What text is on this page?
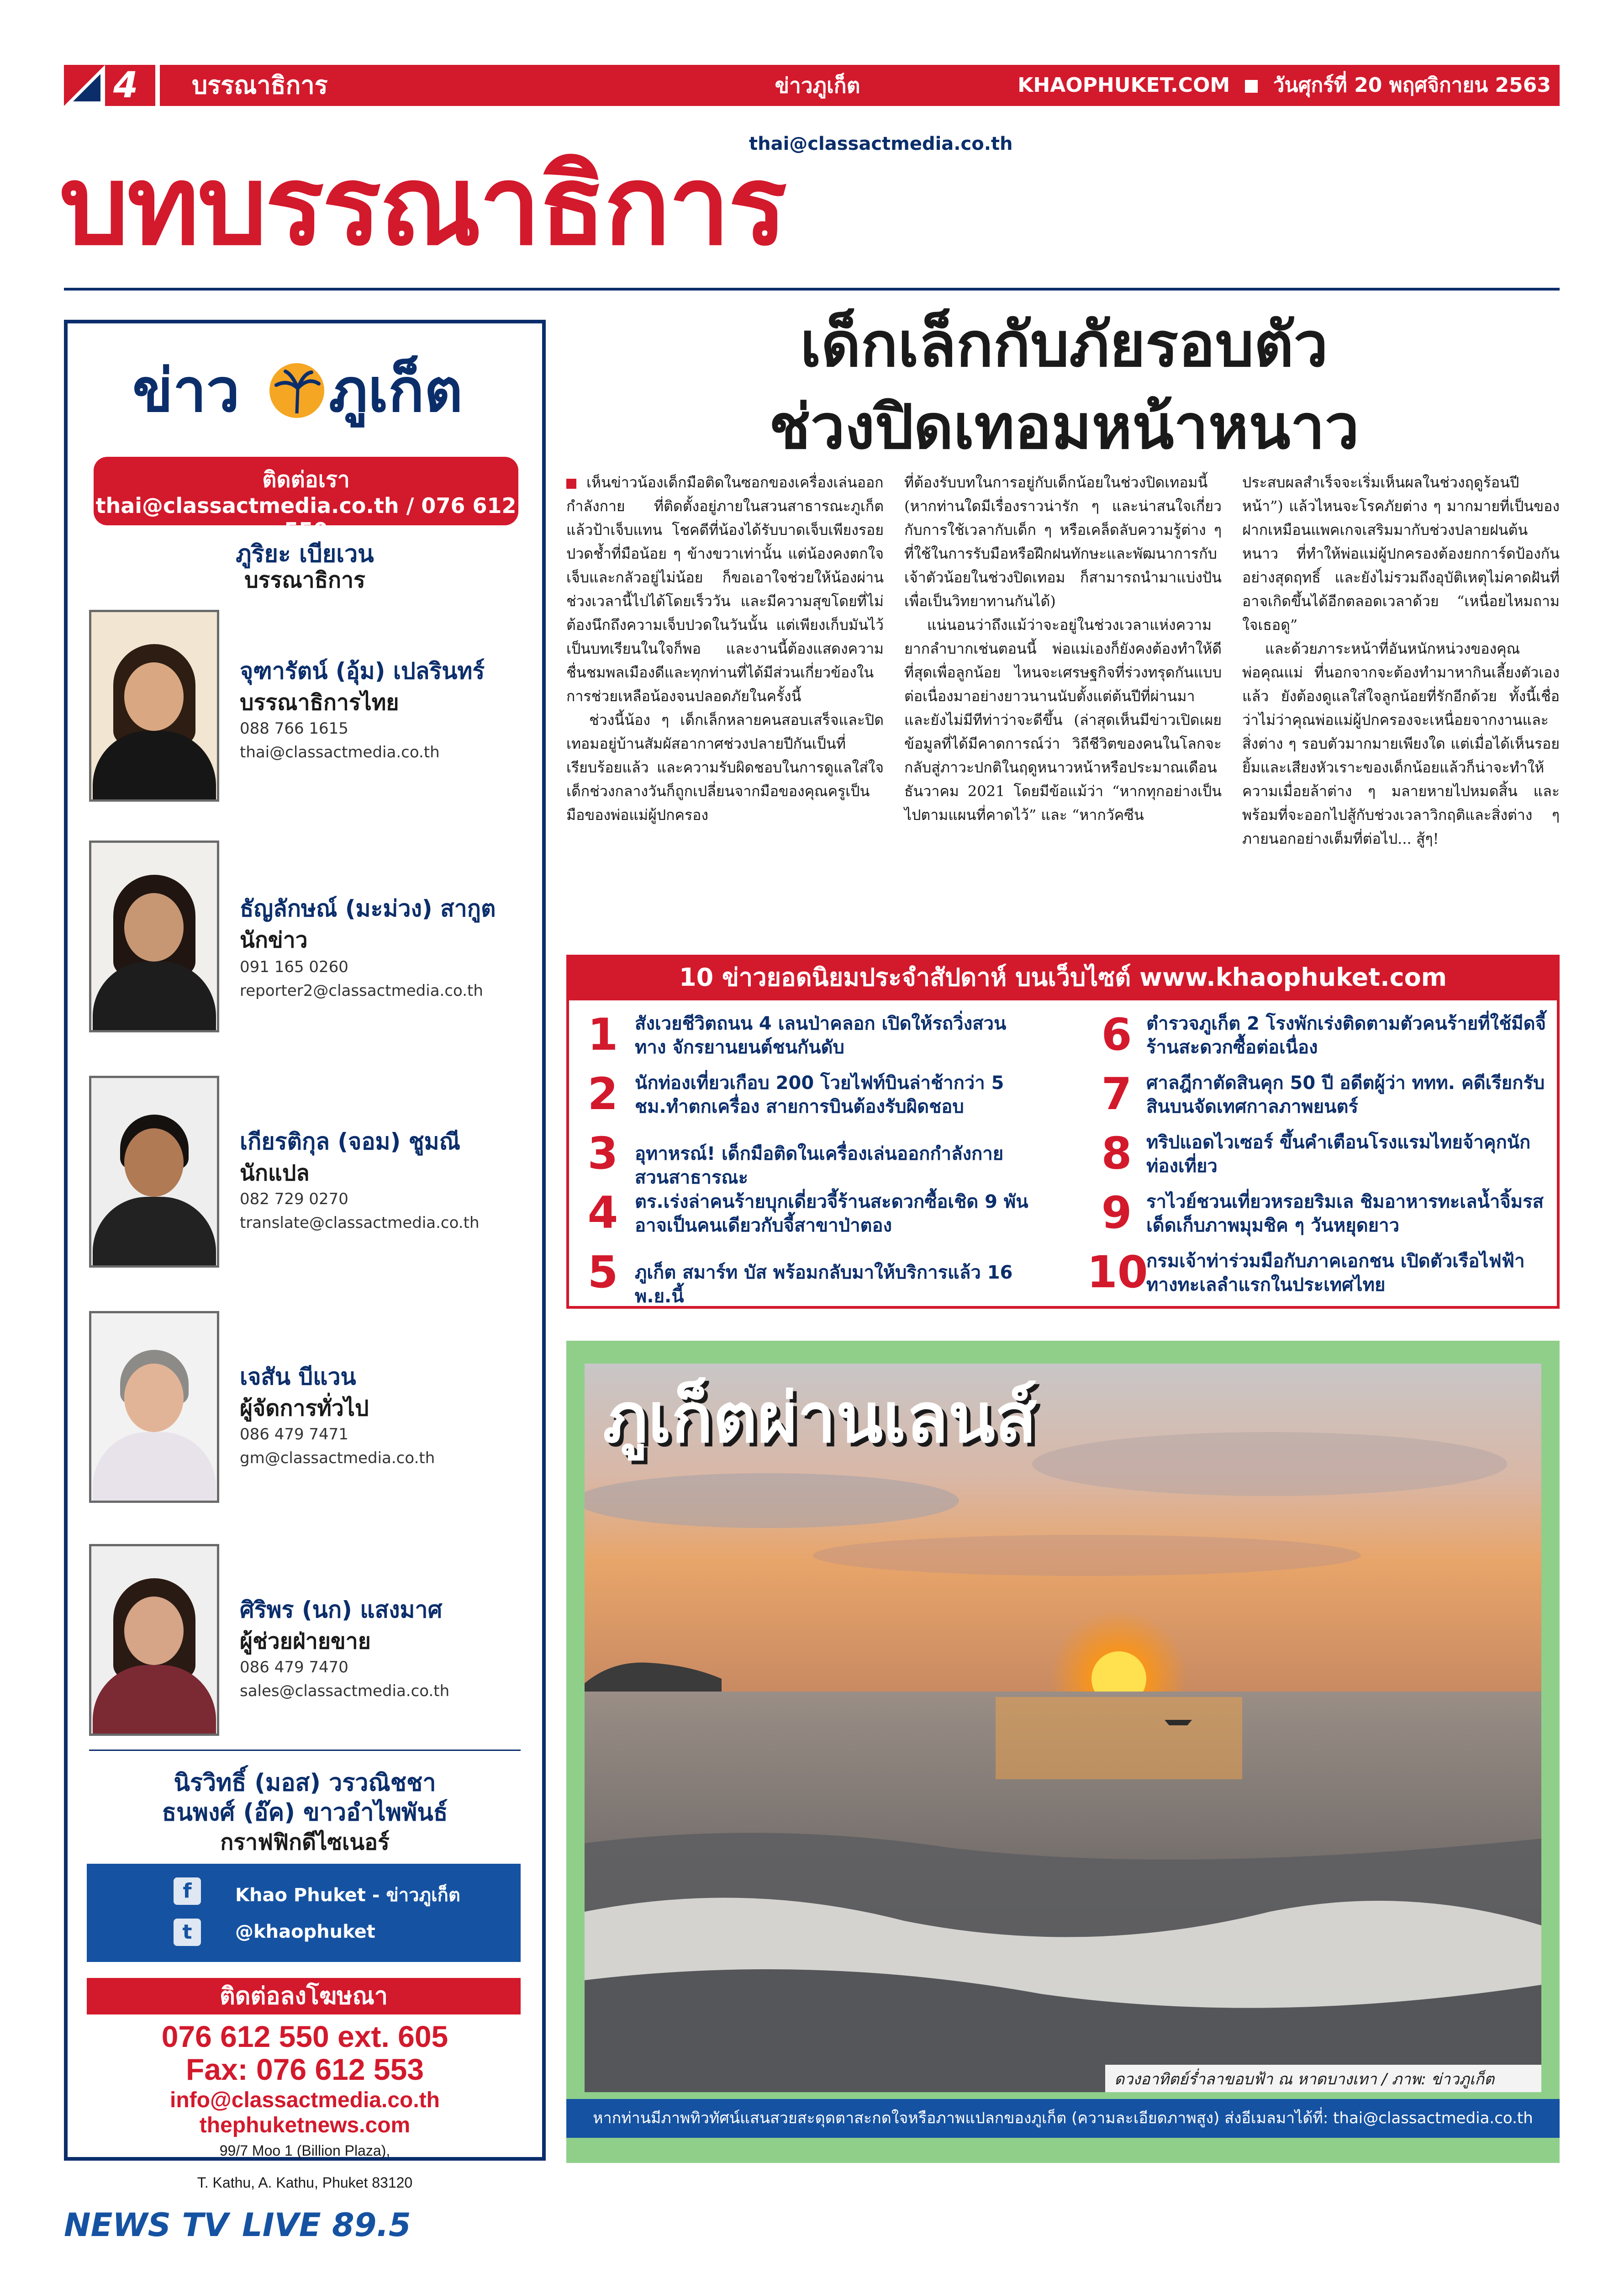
4	บรรณาธิการ	ข่าวภูเก็ต	KHAOPHUKET.COM วันศุกร์ที่ 20 พฤศจิกายน 2563
บทบรรณาธิการ
thai@classactmedia.co.th
ข่าว ภูเก็ต
ติดต่อเรา
thai@classactmedia.co.th / 076 612 550
ภูริยะ เบียเวน
บรรณาธิการ
จุฑารัตน์ (อุ้ม) เปลรินทร์
บรรณาธิการไทย
088 766 1615
thai@classactmedia.co.th
ธัญลักษณ์ (มะม่วง) สากูต
นักข่าว
091 165 0260
reporter2@classactmedia.co.th
เกียรติกุล (จอม) ชูมณี
นักแปล
082 729 0270
translate@classactmedia.co.th
เจสัน บีแวน
ผู้จัดการทั่วไป
086 479 7471
gm@classactmedia.co.th
ศิริพร (นก) แสงมาศ
ผู้ช่วยฝ่ายขาย
086 479 7470
sales@classactmedia.co.th
นิรวิทธิ์ (มอส) วรวณิชชา
ธนพงศ์ (อ๊ค) ขาวอำไพพันธ์
กราฟฟิกดีไซเนอร์
f	Khao Phuket - ข่าวภูเก็ต
t	@khaophuket
ติดต่อลงโฆษณา
076 612 550 ext. 605
Fax: 076 612 553
info@classactmedia.co.th
thephuketnews.com
99/7 Moo 1 (Billion Plaza),
T. Kathu, A. Kathu, Phuket 83120
เด็กเล็กกับภัยรอบตัว
ช่วงปิดเทอมหน้าหนาว

เห็นข่าวน้องเด็กมือติดในซอกของเครื่องเล่นออกกำลังกาย ที่ติดตั้งอยู่ภายในสวนสาธารณะภูเก็ตแล้วป้าเจ็บแทน โชคดีที่น้องได้รับบาดเจ็บเพียงรอยปวดช้ำที่มือน้อย ๆ ข้างขวาเท่านั้น แต่น้องคงตกใจ เจ็บและกลัวอยู่ไม่น้อย ก็ขอเอาใจช่วยให้น้องผ่านช่วงเวลานี้ไปได้โดยเร็ววัน และมีความสุขโดยที่ไม่ต้องนึกถึงความเจ็บปวดในวันนั้น แต่เพียงเก็บมันไว้เป็นบทเรียนในใจก็พอ และงานนี้ต้องแสดงความชื่นชมพลเมืองดีและทุกท่านที่ได้มีส่วนเกี่ยวข้องในการช่วยเหลือน้องจนปลอดภัยในครั้งนี้

ช่วงนี้น้อง ๆ เด็กเล็กหลายคนสอบเสร็จและปิดเทอมอยู่บ้านสัมผัสอากาศช่วงปลายปีกันเป็นที่เรียบร้อยแล้ว และความรับผิดชอบในการดูแลใส่ใจเด็กช่วงกลางวันก็ถูกเปลี่ยนจากมือของคุณครูเป็นมือของพ่อแม่ผู้ปกครอง

ที่ต้องรับบทในการอยู่กับเด็กน้อยในช่วงปิดเทอมนี้ (หากท่านใดมีเรื่องราวน่ารัก ๆ และน่าสนใจเกี่ยวกับการใช้เวลากับเด็ก ๆ หรือเคล็ดลับความรู้ต่าง ๆ ที่ใช้ในการรับมือหรือฝึกฝนทักษะและพัฒนาการกับเจ้าตัวน้อยในช่วงปิดเทอม ก็สามารถนำมาแบ่งปันเพื่อเป็นวิทยาทานกันได้)

แน่นอนว่าถึงแม้ว่าจะอยู่ในช่วงเวลาแห่งความยากลำบากเช่นตอนนี้ พ่อแม่เองก็ยังคงต้องทำให้ดีที่สุดเพื่อลูกน้อย ไหนจะเศรษฐกิจที่ร่วงทรุดกันแบบต่อเนื่องมาอย่างยาวนานนับตั้งแต่ต้นปีที่ผ่านมา และยังไม่มีทีท่าว่าจะดีขึ้น (ล่าสุดเห็นมีข่าวเปิดเผยข้อมูลที่ได้มีคาดการณ์ว่า วิถีชีวิตของคนในโลกจะกลับสู่ภาวะปกติในฤดูหนาวหน้าหรือประมาณเดือนธันวาคม 2021 โดยมีข้อแม้ว่า “หากทุกอย่างเป็นไปตามแผนที่คาดไว้” และ “หากวัคซีน

ประสบผลสำเร็จจะเริ่มเห็นผลในช่วงฤดูร้อนปีหน้า”) แล้วไหนจะโรคภัยต่าง ๆ มากมายที่เป็นของฝากเหมือนแพคเกจเสริมมากับช่วงปลายฝนต้นหนาว ที่ทำให้พ่อแม่ผู้ปกครองต้องยกการ์ดป้องกันอย่างสุดฤทธิ์ และยังไม่รวมถึงอุบัติเหตุไม่คาดฝันที่อาจเกิดขึ้นได้อีกตลอดเวลาด้วย “เหนื่อยไหมถามใจเธอดู”

และด้วยภาระหน้าที่อันหนักหน่วงของคุณพ่อคุณแม่ ที่นอกจากจะต้องทำมาหากินเลี้ยงตัวเองแล้ว ยังต้องดูแลใส่ใจลูกน้อยที่รักอีกด้วย ทั้งนี้เชื่อว่าไม่ว่าคุณพ่อแม่ผู้ปกครองจะเหนื่อยจากงานและสิ่งต่าง ๆ รอบตัวมากมายเพียงใด แต่เมื่อได้เห็นรอยยิ้มและเสียงหัวเราะของเด็กน้อยแล้วก็น่าจะทำให้ความเมื่อยล้าต่าง ๆ มลายหายไปหมดสิ้น และพร้อมที่จะออกไปสู้กับช่วงเวลาวิกฤติและสิ่งต่าง ๆ ภายนอกอย่างเต็มที่ต่อไป... สู้ๆ!

10 ข่าวยอดนิยมประจำสัปดาห์ บนเว็บไซต์ www.khaophuket.com
1 สังเวยชีวิตถนน 4 เลนป่าคลอก เปิดให้รถวิ่งสวนทาง จักรยานยนต์ชนกันดับ
2 นักท่องเที่ยวเกือบ 200 โวยไฟท์บินล่าช้ากว่า 5 ชม.ทำตกเครื่อง สายการบินต้องรับผิดชอบ
3 อุทาหรณ์! เด็กมือติดในเครื่องเล่นออกกำลังกายสวนสาธารณะ
4 ตร.เร่งล่าคนร้ายบุกเดี่ยวจี้ร้านสะดวกซื้อเชิด 9 พัน อาจเป็นคนเดียวกับจี้สาขาป่าตอง
5 ภูเก็ต สมาร์ท บัส พร้อมกลับมาให้บริการแล้ว 16 พ.ย.นี้
6 ตำรวจภูเก็ต 2 โรงพักเร่งติดตามตัวคนร้ายที่ใช้มีดจี้ร้านสะดวกซื้อต่อเนื่อง
7 ศาลฎีกาตัดสินคุก 50 ปี อดีตผู้ว่า ททท. คดีเรียกรับสินบนจัดเทศกาลภาพยนตร์
8 ทริปแอดไวเซอร์ ขึ้นคำเตือนโรงแรมไทยจ้าคุกนักท่องเที่ยว
9 ราไวย์ชวนเที่ยวหรอยริมเล ชิมอาหารทะเลน้ำจิ้มรสเด็ดเก็บภาพมุมชิค ๆ วันหยุดยาว
10
กรมเจ้าท่าร่วมมือกับภาคเอกชน เปิดตัวเรือไฟฟ้าทางทะเลลำแรกในประเทศไทย
ภูเก็ตผ่านเลนส์
ดวงอาทิตย์ร่ำลาขอบฟ้า ณ หาดบางเทา / ภาพ: ข่าวภูเก็ต
หากท่านมีภาพทิวทัศน์แสนสวยสะดุดตาสะกดใจหรือภาพแปลกของภูเก็ต (ความละเอียดภาพสูง) ส่งอีเมลมาได้ที่: thai@classactmedia.co.th
NEWS TV LIVE 89.5
